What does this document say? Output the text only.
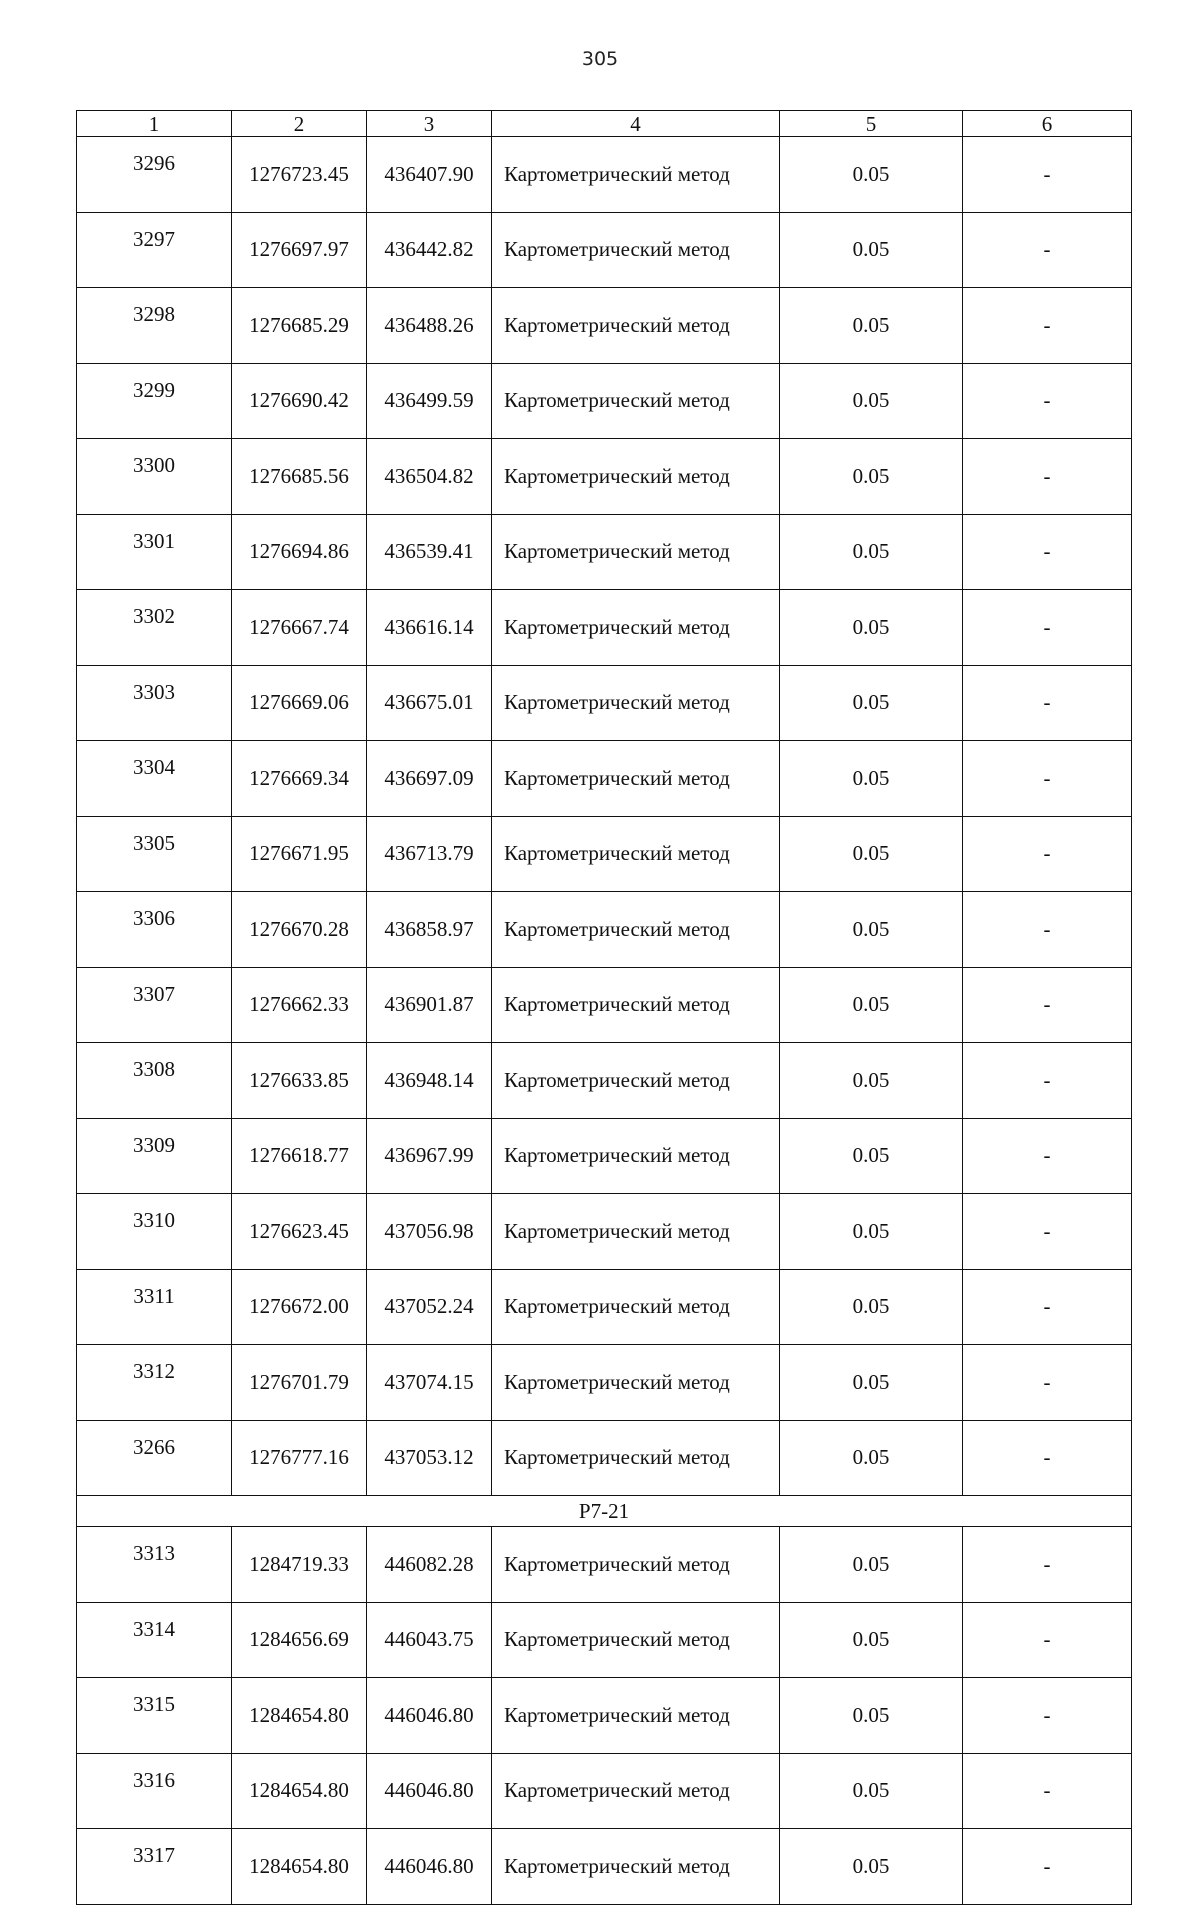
305
1	2	3	4	5	6
3296	1276723.45	436407.90	Картометрический метод	0.05	-
3297	1276697.97	436442.82	Картометрический метод	0.05	-
3298	1276685.29	436488.26	Картометрический метод	0.05	-
3299	1276690.42	436499.59	Картометрический метод	0.05	-
3300	1276685.56	436504.82	Картометрический метод	0.05	-
3301	1276694.86	436539.41	Картометрический метод	0.05	-
3302	1276667.74	436616.14	Картометрический метод	0.05	-
3303	1276669.06	436675.01	Картометрический метод	0.05	-
3304	1276669.34	436697.09	Картометрический метод	0.05	-
3305	1276671.95	436713.79	Картометрический метод	0.05	-
3306	1276670.28	436858.97	Картометрический метод	0.05	-
3307	1276662.33	436901.87	Картометрический метод	0.05	-
3308	1276633.85	436948.14	Картометрический метод	0.05	-
3309	1276618.77	436967.99	Картометрический метод	0.05	-
3310	1276623.45	437056.98	Картометрический метод	0.05	-
3311	1276672.00	437052.24	Картометрический метод	0.05	-
3312	1276701.79	437074.15	Картометрический метод	0.05	-
3266	1276777.16	437053.12	Картометрический метод	0.05	-
Р7-21					
3313	1284719.33	446082.28	Картометрический метод	0.05	-
3314	1284656.69	446043.75	Картометрический метод	0.05	-
3315	1284654.80	446046.80	Картометрический метод	0.05	-
3316	1284654.80	446046.80	Картометрический метод	0.05	-
3317	1284654.80	446046.80	Картометрический метод	0.05	-
